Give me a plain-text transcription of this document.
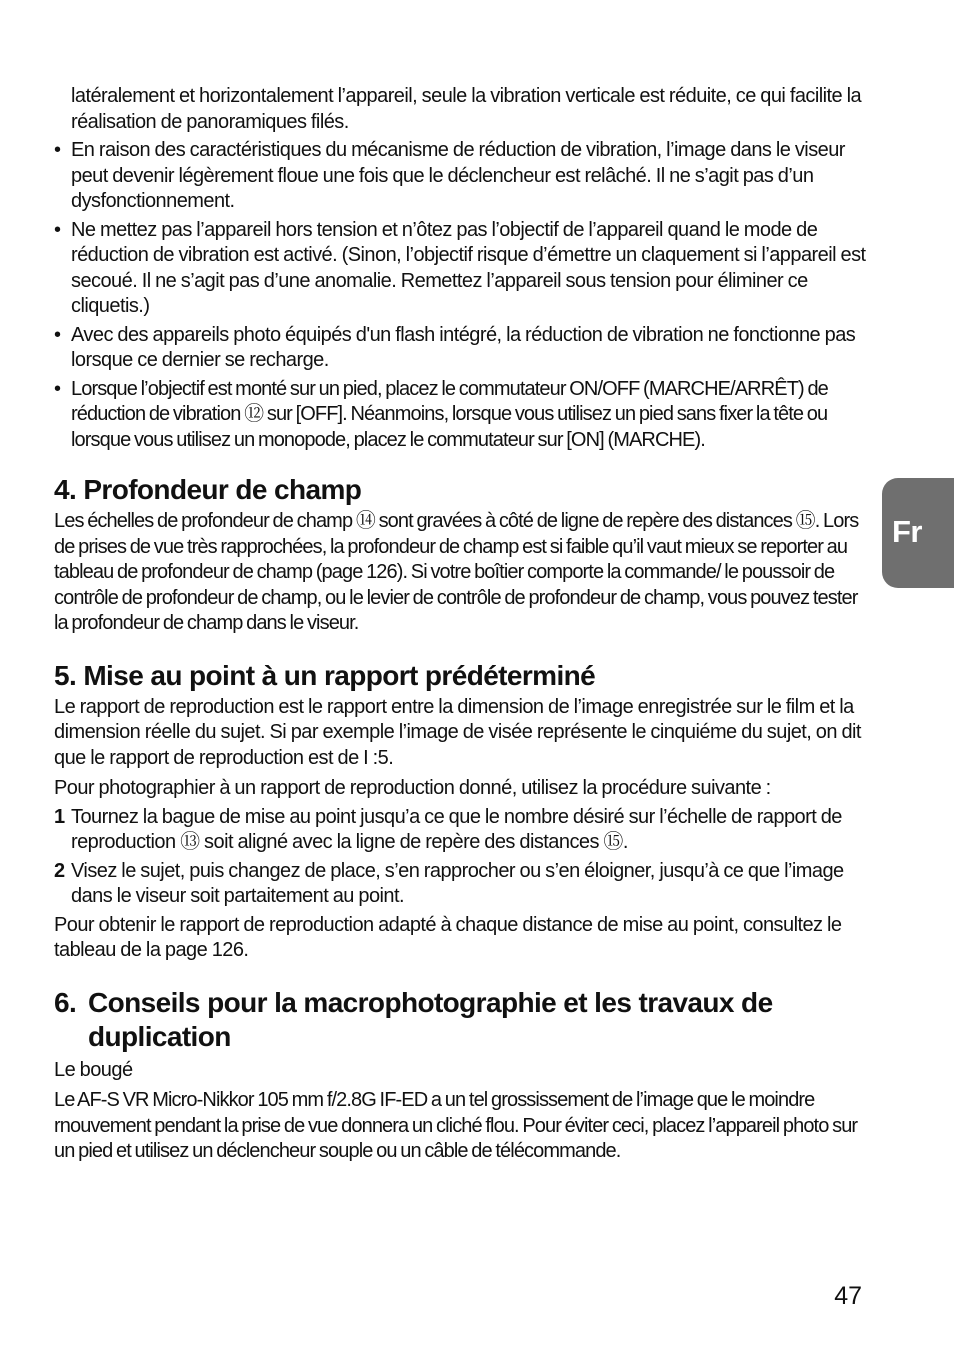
latéralement et horizontalement l’appareil, seule la vibration verticale est réduite, ce qui facilite la réalisation de panoramiques filés.

• En raison des caractéristiques du mécanisme de réduction de vibration, l’image dans le viseur peut devenir légèrement floue une fois que le déclencheur est relâché. Il ne s’agit pas d’un dysfonctionnement.
• Ne mettez pas l’appareil hors tension et n’ôtez pas l’objectif de l’appareil quand le mode de réduction de vibration est activé. (Sinon, l’objectif risque d’émettre un claquement si l’appareil est secoué. Il ne s’agit pas d’une anomalie. Remettez l’appareil sous tension pour éliminer ce cliquetis.)
• Avec des appareils photo équipés d'un flash intégré, la réduction de vibration ne fonctionne pas lorsque ce dernier se recharge.
• Lorsque l’objectif est monté sur un pied, placez le commutateur ON/OFF (MARCHE/ARRÊT) de réduction de vibration ⑫ sur [OFF]. Néanmoins, lorsque vous utilisez un pied sans fixer la tête ou lorsque vous utilisez un monopode, placez le commutateur sur [ON] (MARCHE).
4. Profondeur de champ

Les échelles de profondeur de champ ⑭ sont gravées à côté de ligne de repère des distances ⑮. Lors de prises de vue très rapprochées, la profondeur de champ est si faible qu’il vaut mieux se reporter au tableau de profondeur de champ (page 126). Si votre boîtier comporte la commande/ le poussoir de contrôle de profondeur de champ, ou le levier de contrôle de profondeur de champ, vous pouvez tester la profondeur de champ dans le viseur.

5. Mise au point à un rapport prédéterminé

Le rapport de reproduction est le rapport entre la dimension de l’image enregistrée sur le film et la dimension réelle du sujet. Si par exemple l’image de visée représente le cinquiéme du sujet, on dit que le rapport de reproduction est de I :5.

Pour photographier à un rapport de reproduction donné, utilisez la procédure suivante :

1 Tournez la bague de mise au point jusqu’a ce que le nombre désiré sur l’échelle de rapport de reproduction ⑬ soit aligné avec la ligne de repère des distances ⑮.
2 Visez le sujet, puis changez de place, s’en rapprocher ou s’en éloigner, jusqu’à ce que l’image dans le viseur soit partaitement au point.

Pour obtenir le rapport de reproduction adapté à chaque distance de mise au point, consultez le tableau de la page 126.

6. Conseils pour la macrophotographie et les travaux de duplication

Le bougé

Le AF-S VR Micro-Nikkor 105 mm f/2.8G IF-ED a un tel grossissement de l’image que le moindre rnouvement pendant la prise de vue donnera un cliché flou. Pour éviter ceci, placez l’appareil photo sur un pied et utilisez un déclencheur souple ou un câble de télécommande.

Fr
47
